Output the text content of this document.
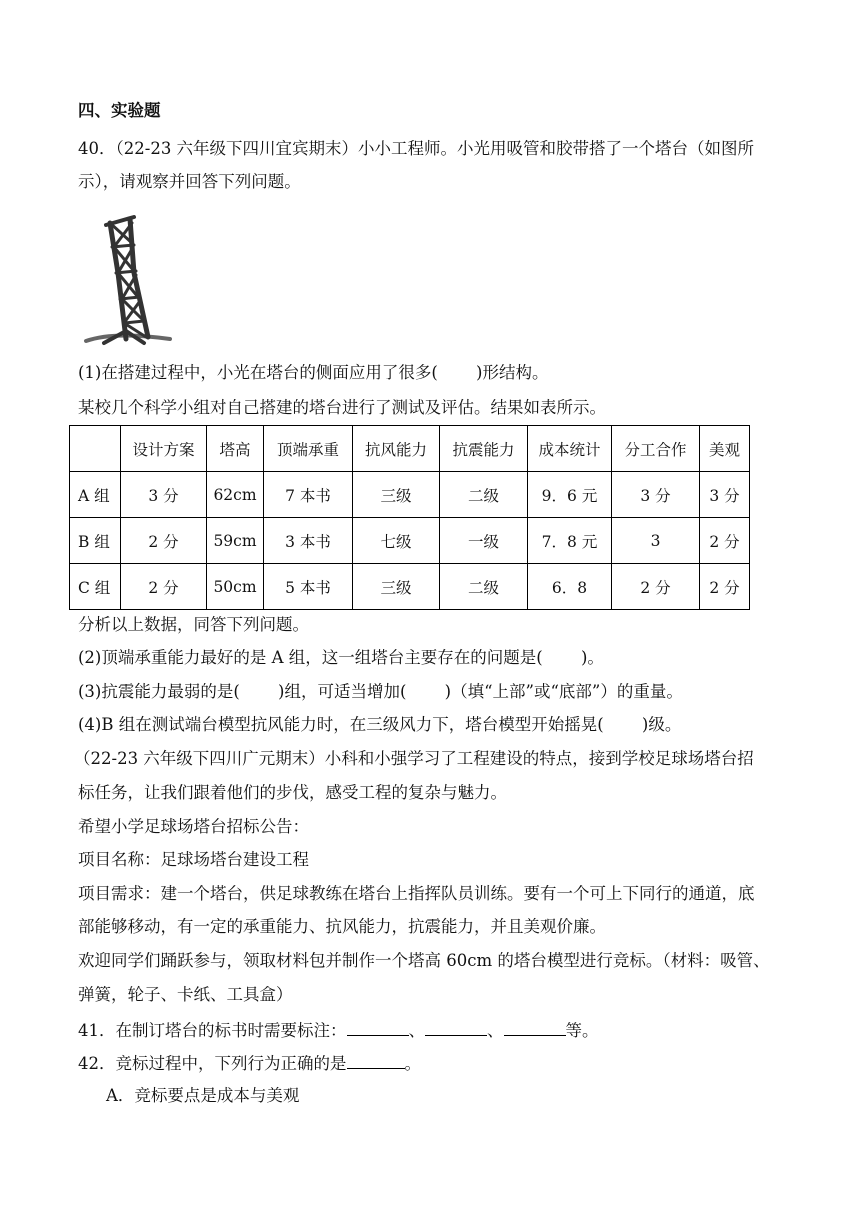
四、实验题
40．（22-23 六年级下四川宜宾期末）小小工程师。小光用吸管和胶带搭了一个塔台（如图所
示），请观察并回答下列问题。
(1)在搭建过程中，小光在塔台的侧面应用了很多(　　 )形结构。
某校几个科学小组对自己搭建的塔台进行了测试及评估。结果如表所示。
	设计方案	塔高	顶端承重	抗风能力	抗震能力	成本统计	分工合作	美观
A 组	3 分	62cm	7 本书	三级	二级	9．6 元	3 分	3 分
B 组	2 分	59cm	3 本书	七级	一级	7．8 元	3	2 分
C 组	2 分	50cm	5 本书	三级	二级	6．8	2 分	2 分
分析以上数据，同答下列问题。
(2)顶端承重能力最好的是 A 组，这一组塔台主要存在的问题是(　　 )。
(3)抗震能力最弱的是(　　 )组，可适当增加(　　 )（填“上部”或“底部”）的重量。
(4)B 组在测试端台模型抗风能力时，在三级风力下，塔台模型开始摇晃(　　 )级。
（22-23 六年级下四川广元期末）小科和小强学习了工程建设的特点，接到学校足球场塔台招
标任务，让我们跟着他们的步伐，感受工程的复杂与魅力。
希望小学足球场塔台招标公告：
项目名称：足球场塔台建设工程
项目需求：建一个塔台，供足球教练在塔台上指挥队员训练。要有一个可上下同行的通道，底
部能够移动，有一定的承重能力、抗风能力，抗震能力，并且美观价廉。
欢迎同学们踊跃参与，领取材料包并制作一个塔高 60cm 的塔台模型进行竞标。（材料：吸管、
弹簧，轮子、卡纸、工具盒）
41．在制订塔台的标书时需要标注：	、	、	等。
42．竞标过程中，下列行为正确的是	。
A．竞标要点是成本与美观
